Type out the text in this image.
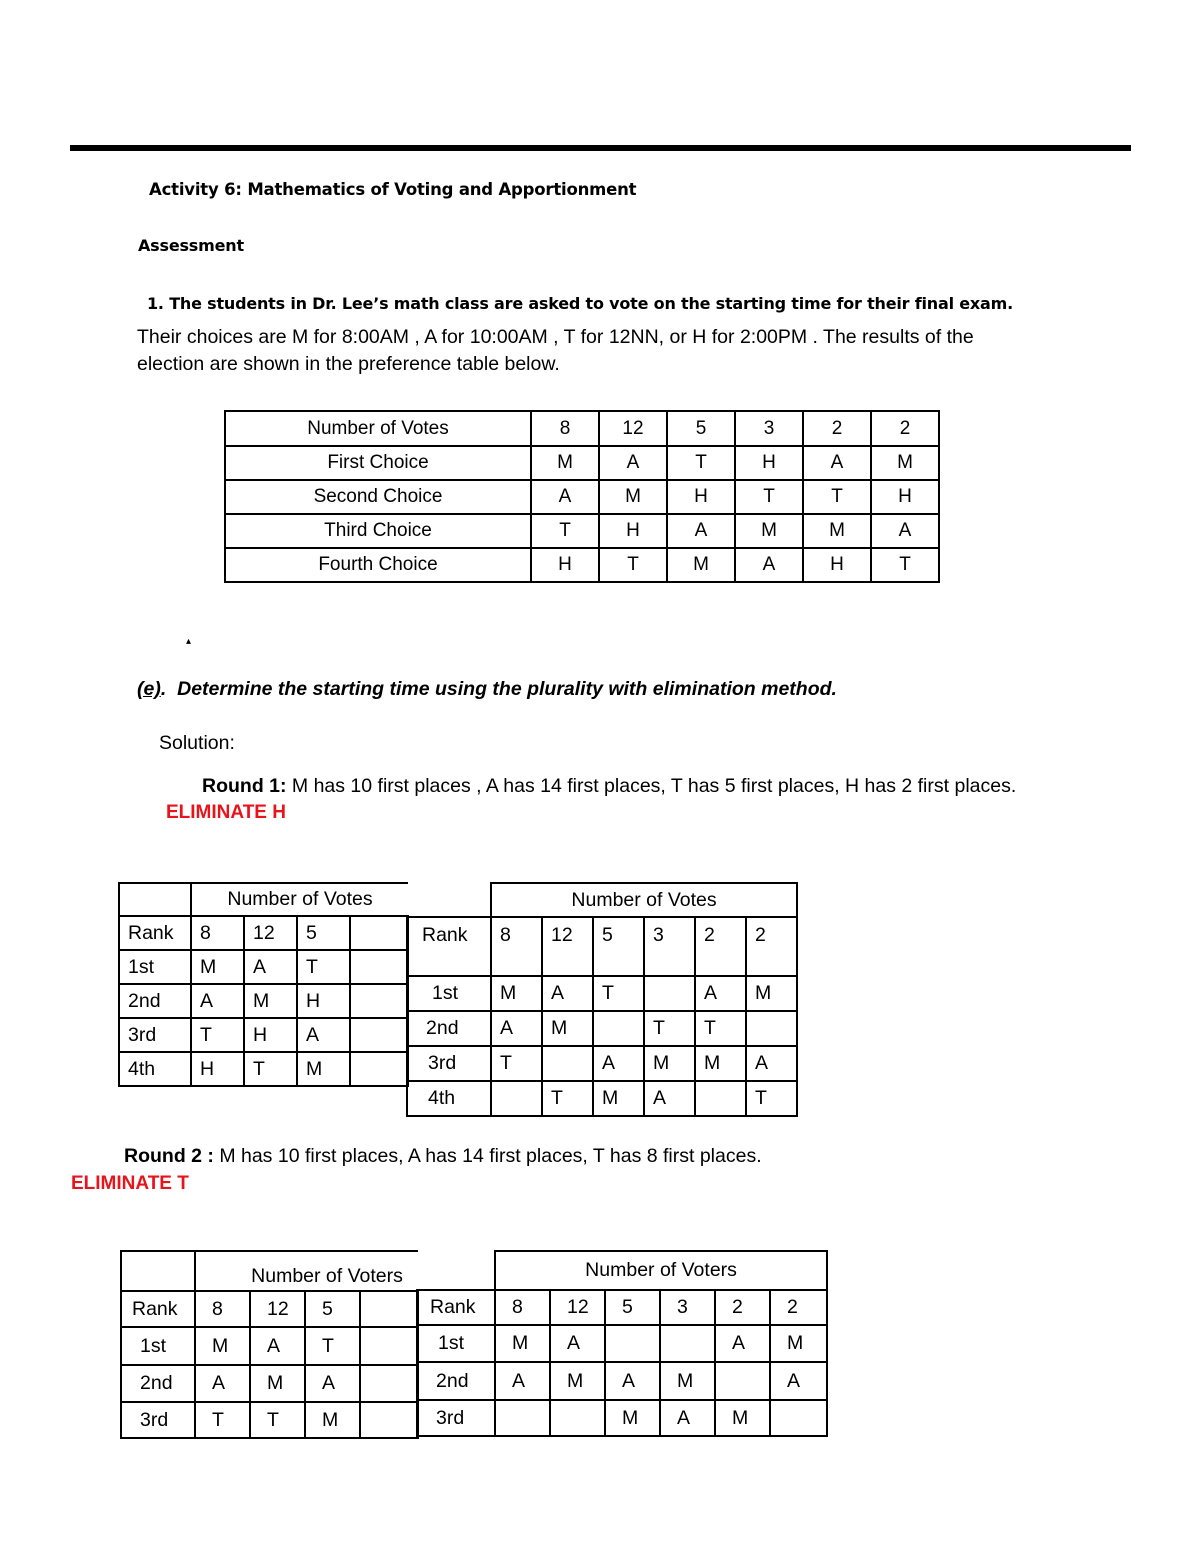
Activity 6: Mathematics of Voting and Apportionment
Assessment
1. The students in Dr. Lee’s math class are asked to vote on the starting time for their final exam.
Their choices are M for 8:00AM , A for 10:00AM , T for 12NN, or H for 2:00PM . The results of the
election are shown in the preference table below.
Number of Votes	8	12	5	3	2	2
First Choice	M	A	T	H	A	M
Second Choice	A	M	H	T	T	H
Third Choice	T	H	A	M	M	A
Fourth Choice	H	T	M	A	H	T
▴
(e). Determine the starting time using the plurality with elimination method.
Solution:
Round 1: M has 10 first places , A has 14 first places, T has 5 first places, H has 2 first places.
ELIMINATE H
	Number of Votes			
Rank	8	12	5	
1st	M	A	T	
2nd	A	M	H	
3rd	T	H	A	
4th	H	T	M	
	Number of Votes					
Rank	8	12	5	3	2	2
1st	M	A	T		A	M
2nd	A	M		T	T	
3rd	T		A	M	M	A
4th		T	M	A		T
Round 2 : M has 10 first places, A has 14 first places, T has 8 first places.
ELIMINATE T
	Number of Voters			
Rank	8	12	5	
1st	M	A	T	
2nd	A	M	A	
3rd	T	T	M	
	Number of Voters					
Rank	8	12	5	3	2	2
1st	M	A			A	M
2nd	A	M	A	M		A
3rd			M	A	M	
